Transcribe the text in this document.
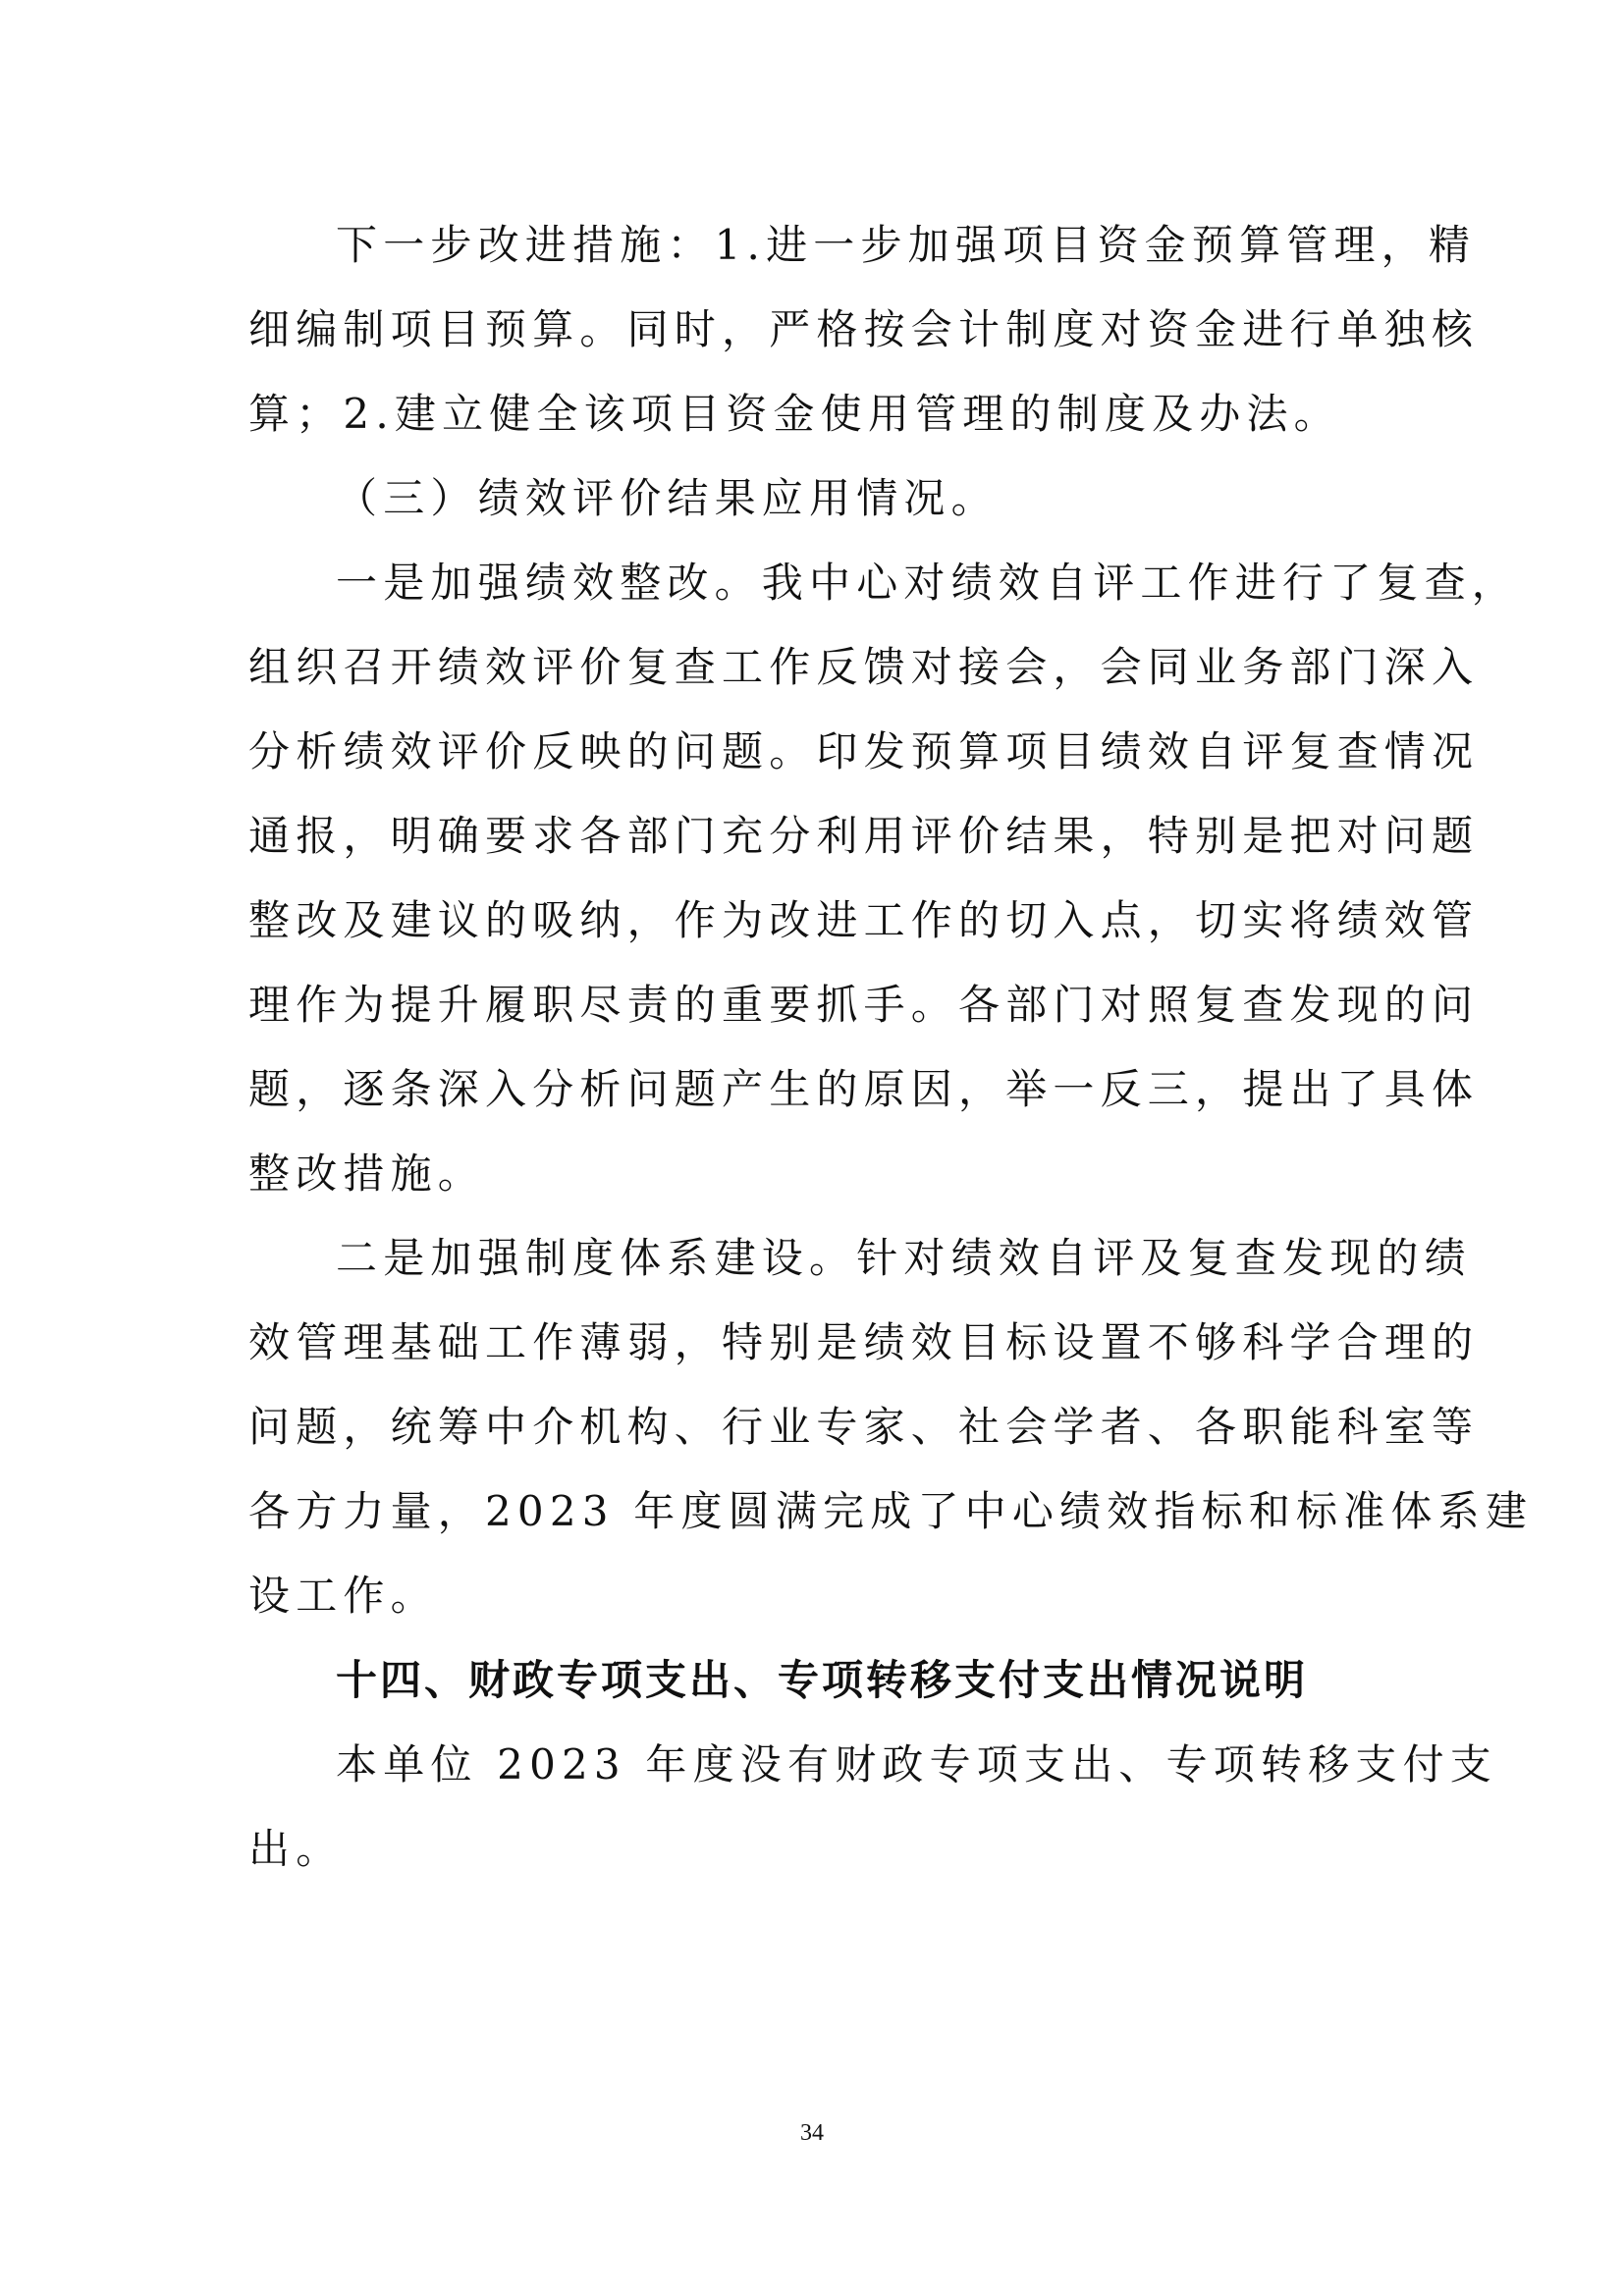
下一步改进措施：1.进一步加强项目资金预算管理，精
细编制项目预算。同时，严格按会计制度对资金进行单独核
算；2.建立健全该项目资金使用管理的制度及办法。
（三）绩效评价结果应用情况。
一是加强绩效整改。我中心对绩效自评工作进行了复查，
组织召开绩效评价复查工作反馈对接会，会同业务部门深入
分析绩效评价反映的问题。印发预算项目绩效自评复查情况
通报，明确要求各部门充分利用评价结果，特别是把对问题
整改及建议的吸纳，作为改进工作的切入点，切实将绩效管
理作为提升履职尽责的重要抓手。各部门对照复查发现的问
题，逐条深入分析问题产生的原因，举一反三，提出了具体
整改措施。
二是加强制度体系建设。针对绩效自评及复查发现的绩
效管理基础工作薄弱，特别是绩效目标设置不够科学合理的
问题，统筹中介机构、行业专家、社会学者、各职能科室等
各方力量，2023 年度圆满完成了中心绩效指标和标准体系建
设工作。
十四、财政专项支出、专项转移支付支出情况说明
本单位 2023 年度没有财政专项支出、专项转移支付支
出。
34
